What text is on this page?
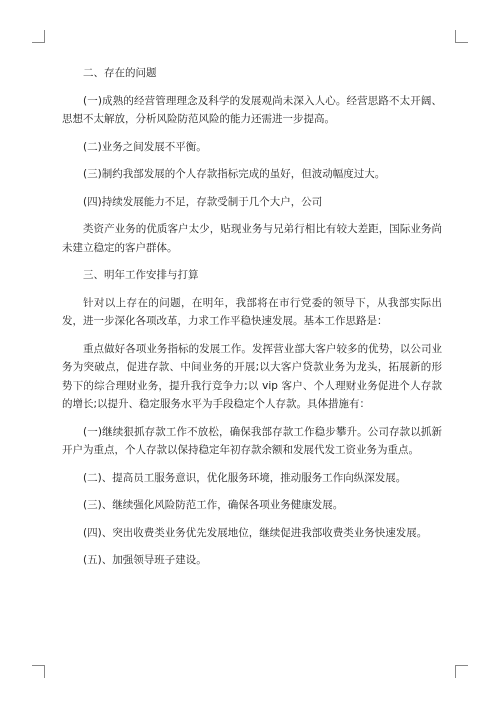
二、存在的问题

(一)成熟的经营管理理念及科学的发展观尚未深入人心。经营思路不太开阔、思想不太解放，分析风险防范风险的能力还需进一步提高。

(二)业务之间发展不平衡。

(三)制约我部发展的个人存款指标完成的虽好，但波动幅度过大。

(四)持续发展能力不足，存款受制于几个大户，公司

类资产业务的优质客户太少，贴现业务与兄弟行相比有较大差距，国际业务尚未建立稳定的客户群体。

三、明年工作安排与打算

针对以上存在的问题，在明年，我部将在市行党委的领导下，从我部实际出发，进一步深化各项改革，力求工作平稳快速发展。基本工作思路是：

重点做好各项业务指标的发展工作。发挥营业部大客户较多的优势，以公司业务为突破点，促进存款、中间业务的开展;以大客户贷款业务为龙头，拓展新的形势下的综合理财业务，提升我行竞争力;以 vip 客户、个人理财业务促进个人存款的增长;以提升、稳定服务水平为手段稳定个人存款。具体措施有：

(一)继续狠抓存款工作不放松，确保我部存款工作稳步攀升。公司存款以抓新开户为重点，个人存款以保持稳定年初存款余额和发展代发工资业务为重点。

(二)、提高员工服务意识，优化服务环境，推动服务工作向纵深发展。

(三)、继续强化风险防范工作，确保各项业务健康发展。

(四)、突出收费类业务优先发展地位，继续促进我部收费类业务快速发展。

(五)、加强领导班子建设。
